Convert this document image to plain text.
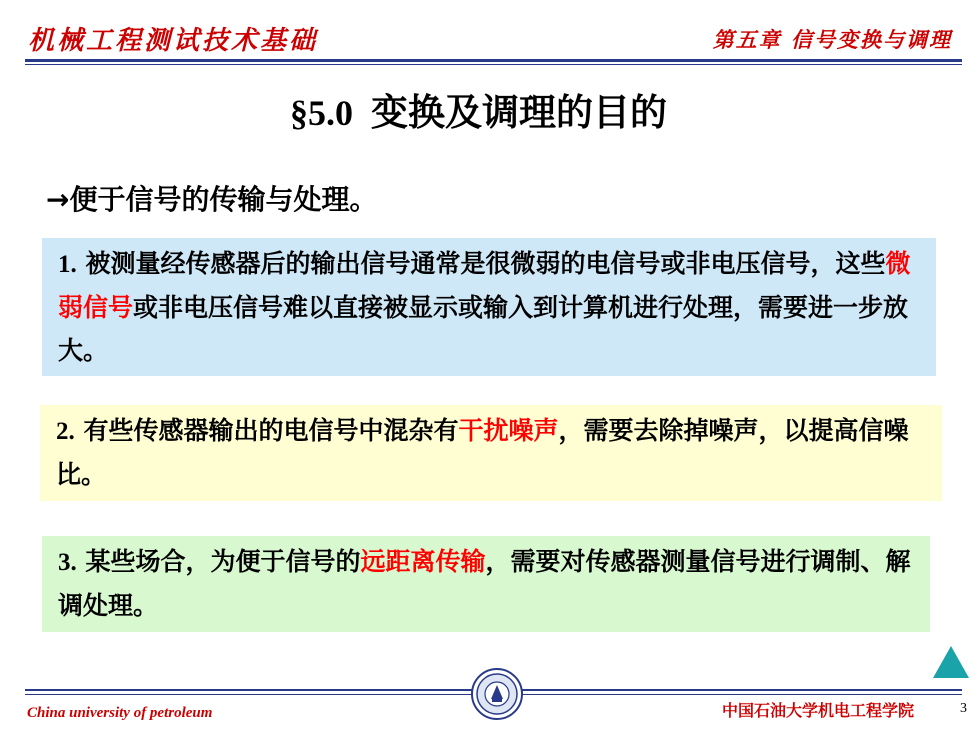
机械工程测试技术基础	第五章 信号变换与调理
§5.0 变换及调理的目的
→便于信号的传输与处理。
1. 被测量经传感器后的输出信号通常是很微弱的电信号或非电压信号，这些微弱信号或非电压信号难以直接被显示或输入到计算机进行处理，需要进一步放大。
2. 有些传感器输出的电信号中混杂有干扰噪声，需要去除掉噪声，以提高信噪比。
3. 某些场合，为便于信号的远距离传输，需要对传感器测量信号进行调制、解调处理。
China university of petroleum	中国石油大学机电工程学院	3
